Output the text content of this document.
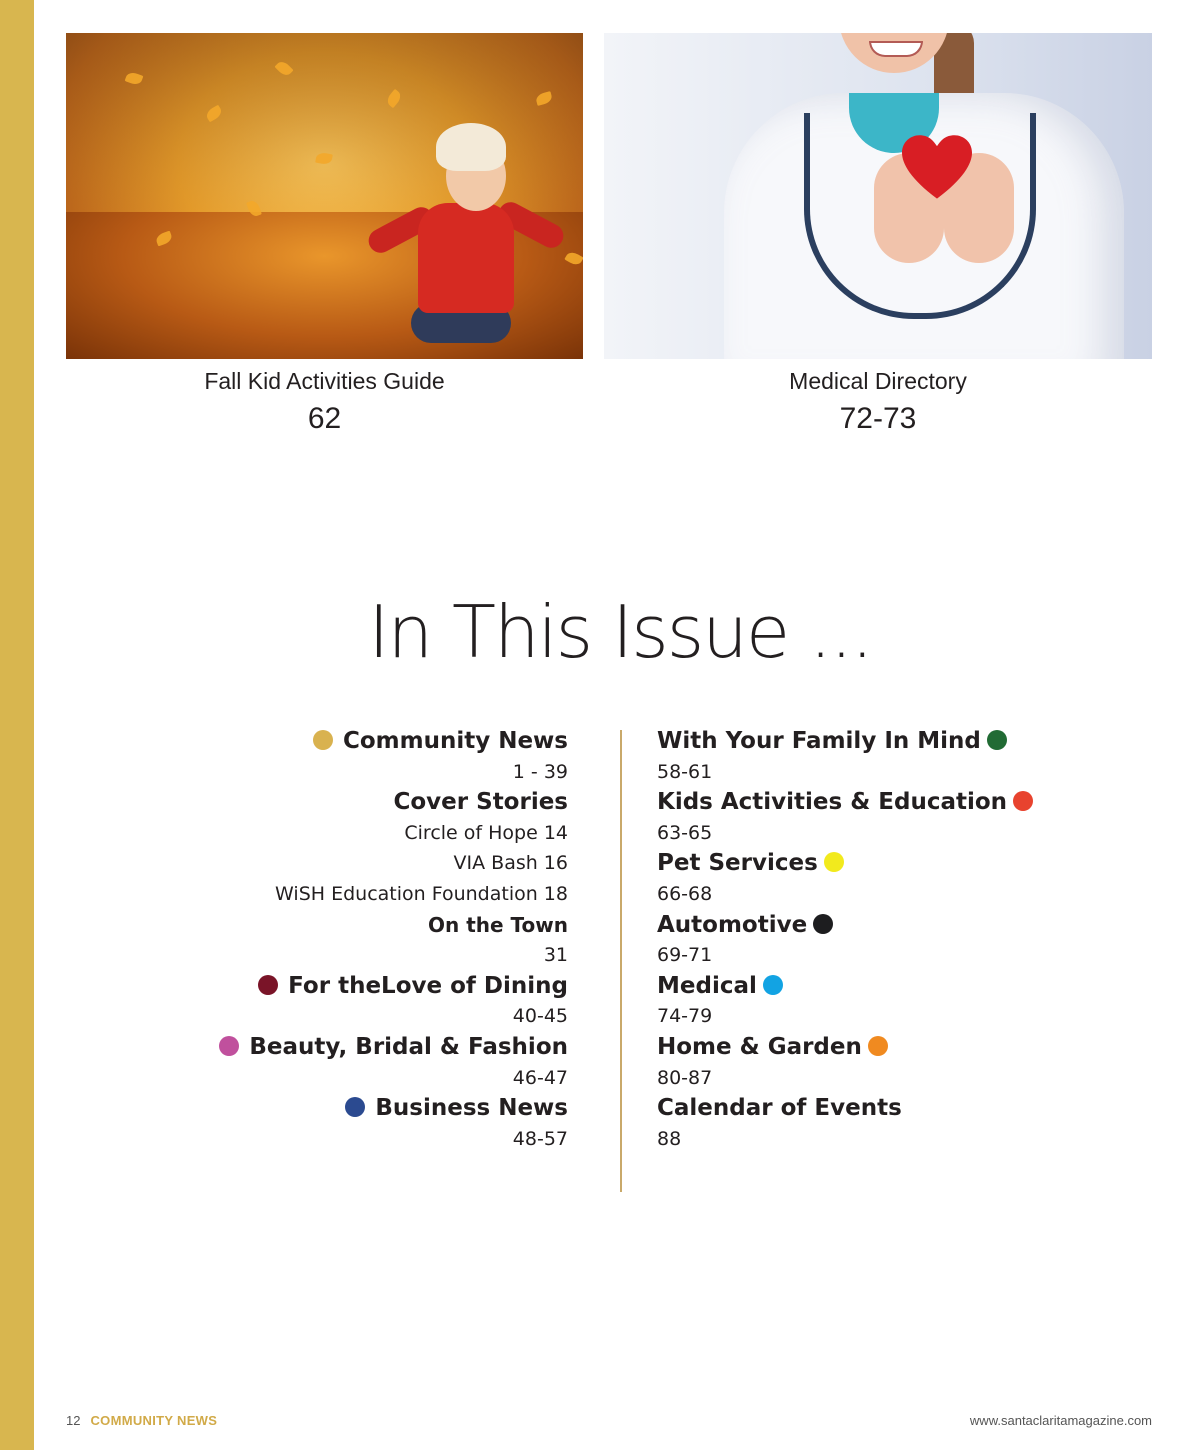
Fall Kid Activities Guide
62
Medical Directory
72-73
In This Issue ...
Community News
1 - 39
Cover Stories
Circle of Hope 14
VIA Bash 16
WiSH Education Foundation 18
On the Town
31
For theLove of Dining
40-45
Beauty, Bridal & Fashion
46-47
Business News
48-57
With Your Family In Mind
58-61
Kids Activities & Education
63-65
Pet Services
66-68
Automotive
69-71
Medical
74-79
Home & Garden
80-87
Calendar of Events
88
12 COMMUNITY NEWS	www.santaclaritamagazine.com
